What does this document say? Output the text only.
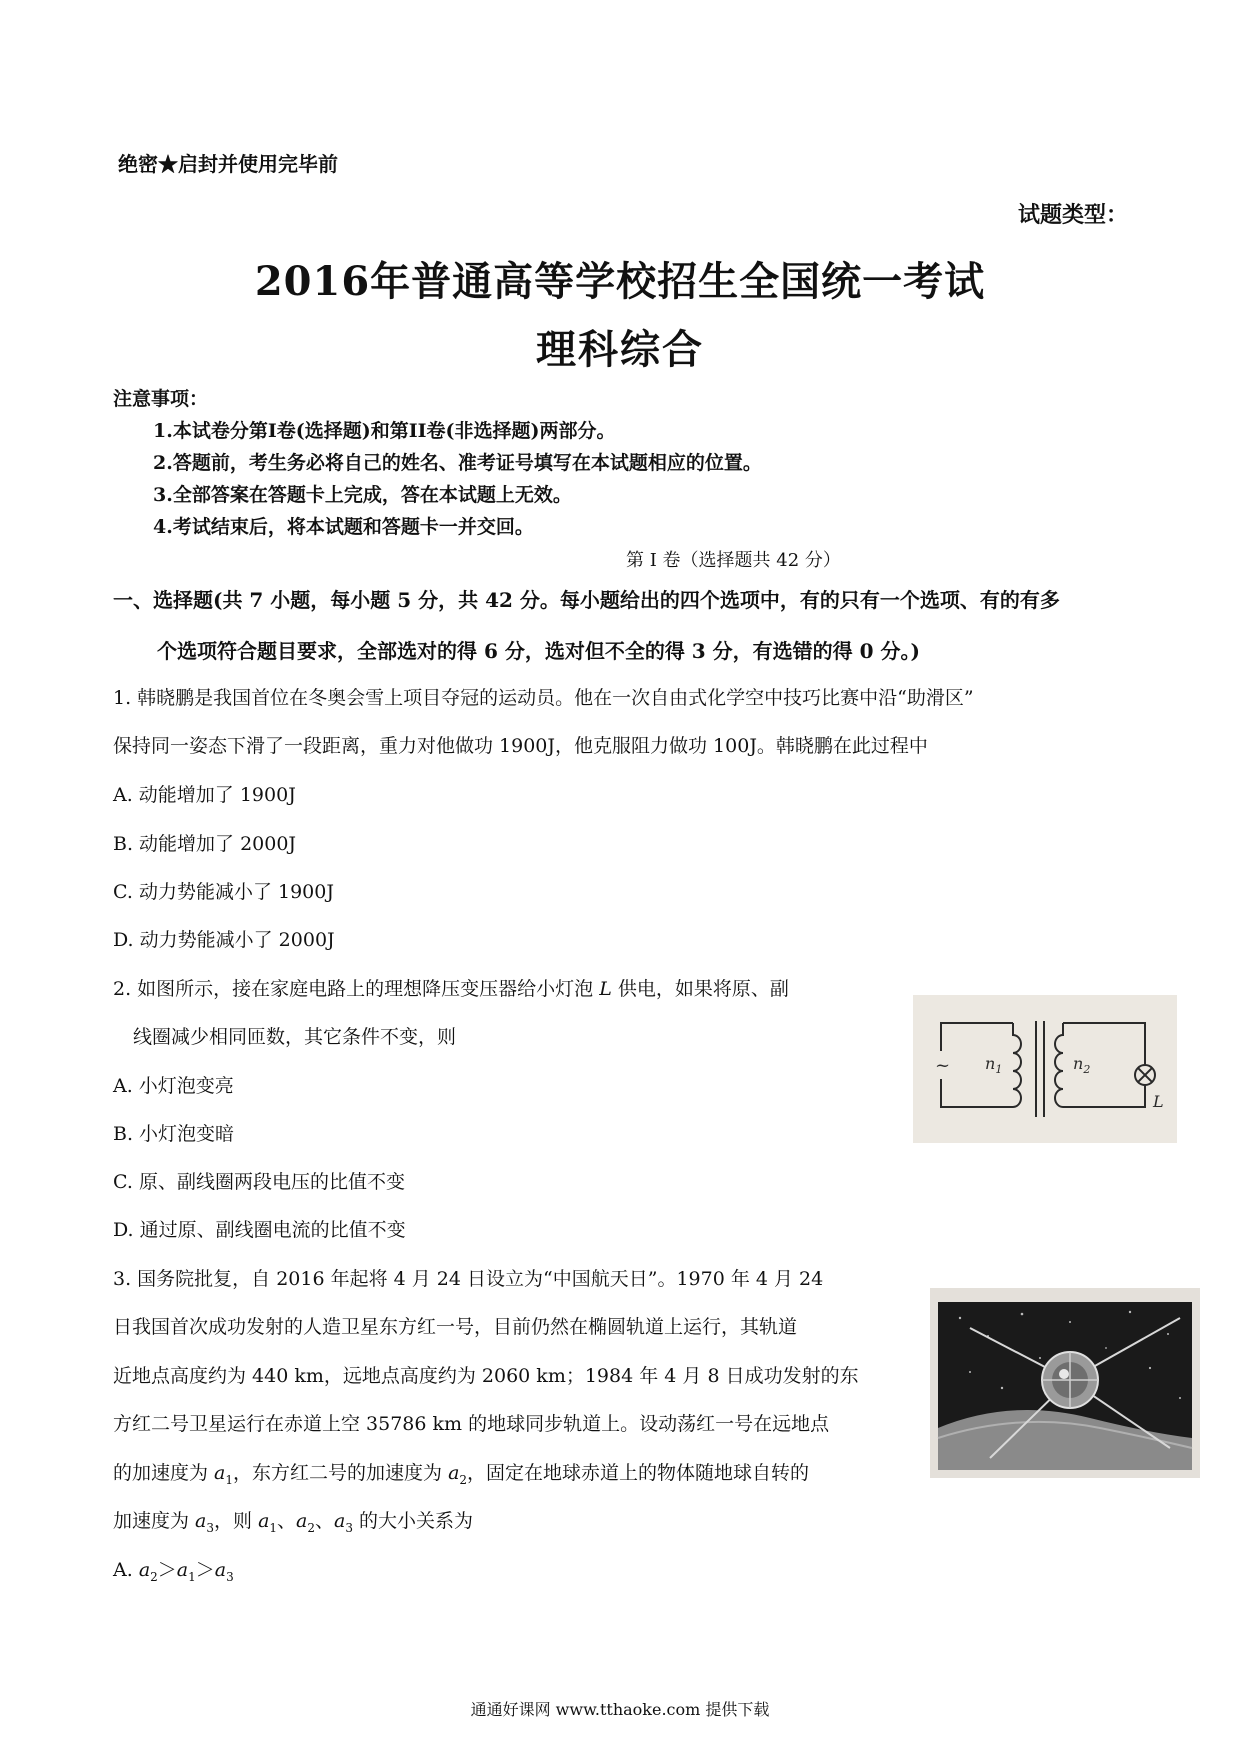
绝密★启封并使用完毕前
试题类型：
2016年普通高等学校招生全国统一考试
理科综合
注意事项：
1.本试卷分第I卷(选择题)和第II卷(非选择题)两部分。
2.答题前，考生务必将自己的姓名、准考证号填写在本试题相应的位置。
3.全部答案在答题卡上完成，答在本试题上无效。
4.考试结束后，将本试题和答题卡一并交回。
第 I 卷（选择题共 42 分）
一、选择题(共 7 小题，每小题 5 分，共 42 分。每小题给出的四个选项中，有的只有一个选项、有的有多
个选项符合题目要求，全部选对的得 6 分，选对但不全的得 3 分，有选错的得 0 分。)
1. 韩晓鹏是我国首位在冬奥会雪上项目夺冠的运动员。他在一次自由式化学空中技巧比赛中沿“助滑区”
保持同一姿态下滑了一段距离，重力对他做功 1900J，他克服阻力做功 100J。韩晓鹏在此过程中
A. 动能增加了 1900J
B. 动能增加了 2000J
C. 动力势能减小了 1900J
D. 动力势能减小了 2000J
2. 如图所示，接在家庭电路上的理想降压变压器给小灯泡 L 供电，如果将原、副
线圈减少相同匝数，其它条件不变，则
A. 小灯泡变亮
B. 小灯泡变暗
C. 原、副线圈两段电压的比值不变
D. 通过原、副线圈电流的比值不变
~ $n_1$	$n_2$
L
3. 国务院批复，自 2016 年起将 4 月 24 日设立为“中国航天日”。1970 年 4 月 24
日我国首次成功发射的人造卫星东方红一号，目前仍然在椭圆轨道上运行，其轨道
近地点高度约为 440 km，远地点高度约为 2060 km；1984 年 4 月 8 日成功发射的东
方红二号卫星运行在赤道上空 35786 km 的地球同步轨道上。设动荡红一号在远地点
的加速度为 $a_1$，东方红二号的加速度为 $a_2$，固定在地球赤道上的物体随地球自转的
加速度为 $a_3$，则 $a_1$、$a_2$、$a_3$ 的大小关系为
A. $a_2>a_1>a_3$
通通好课网 www.tthaoke.com 提供下载
